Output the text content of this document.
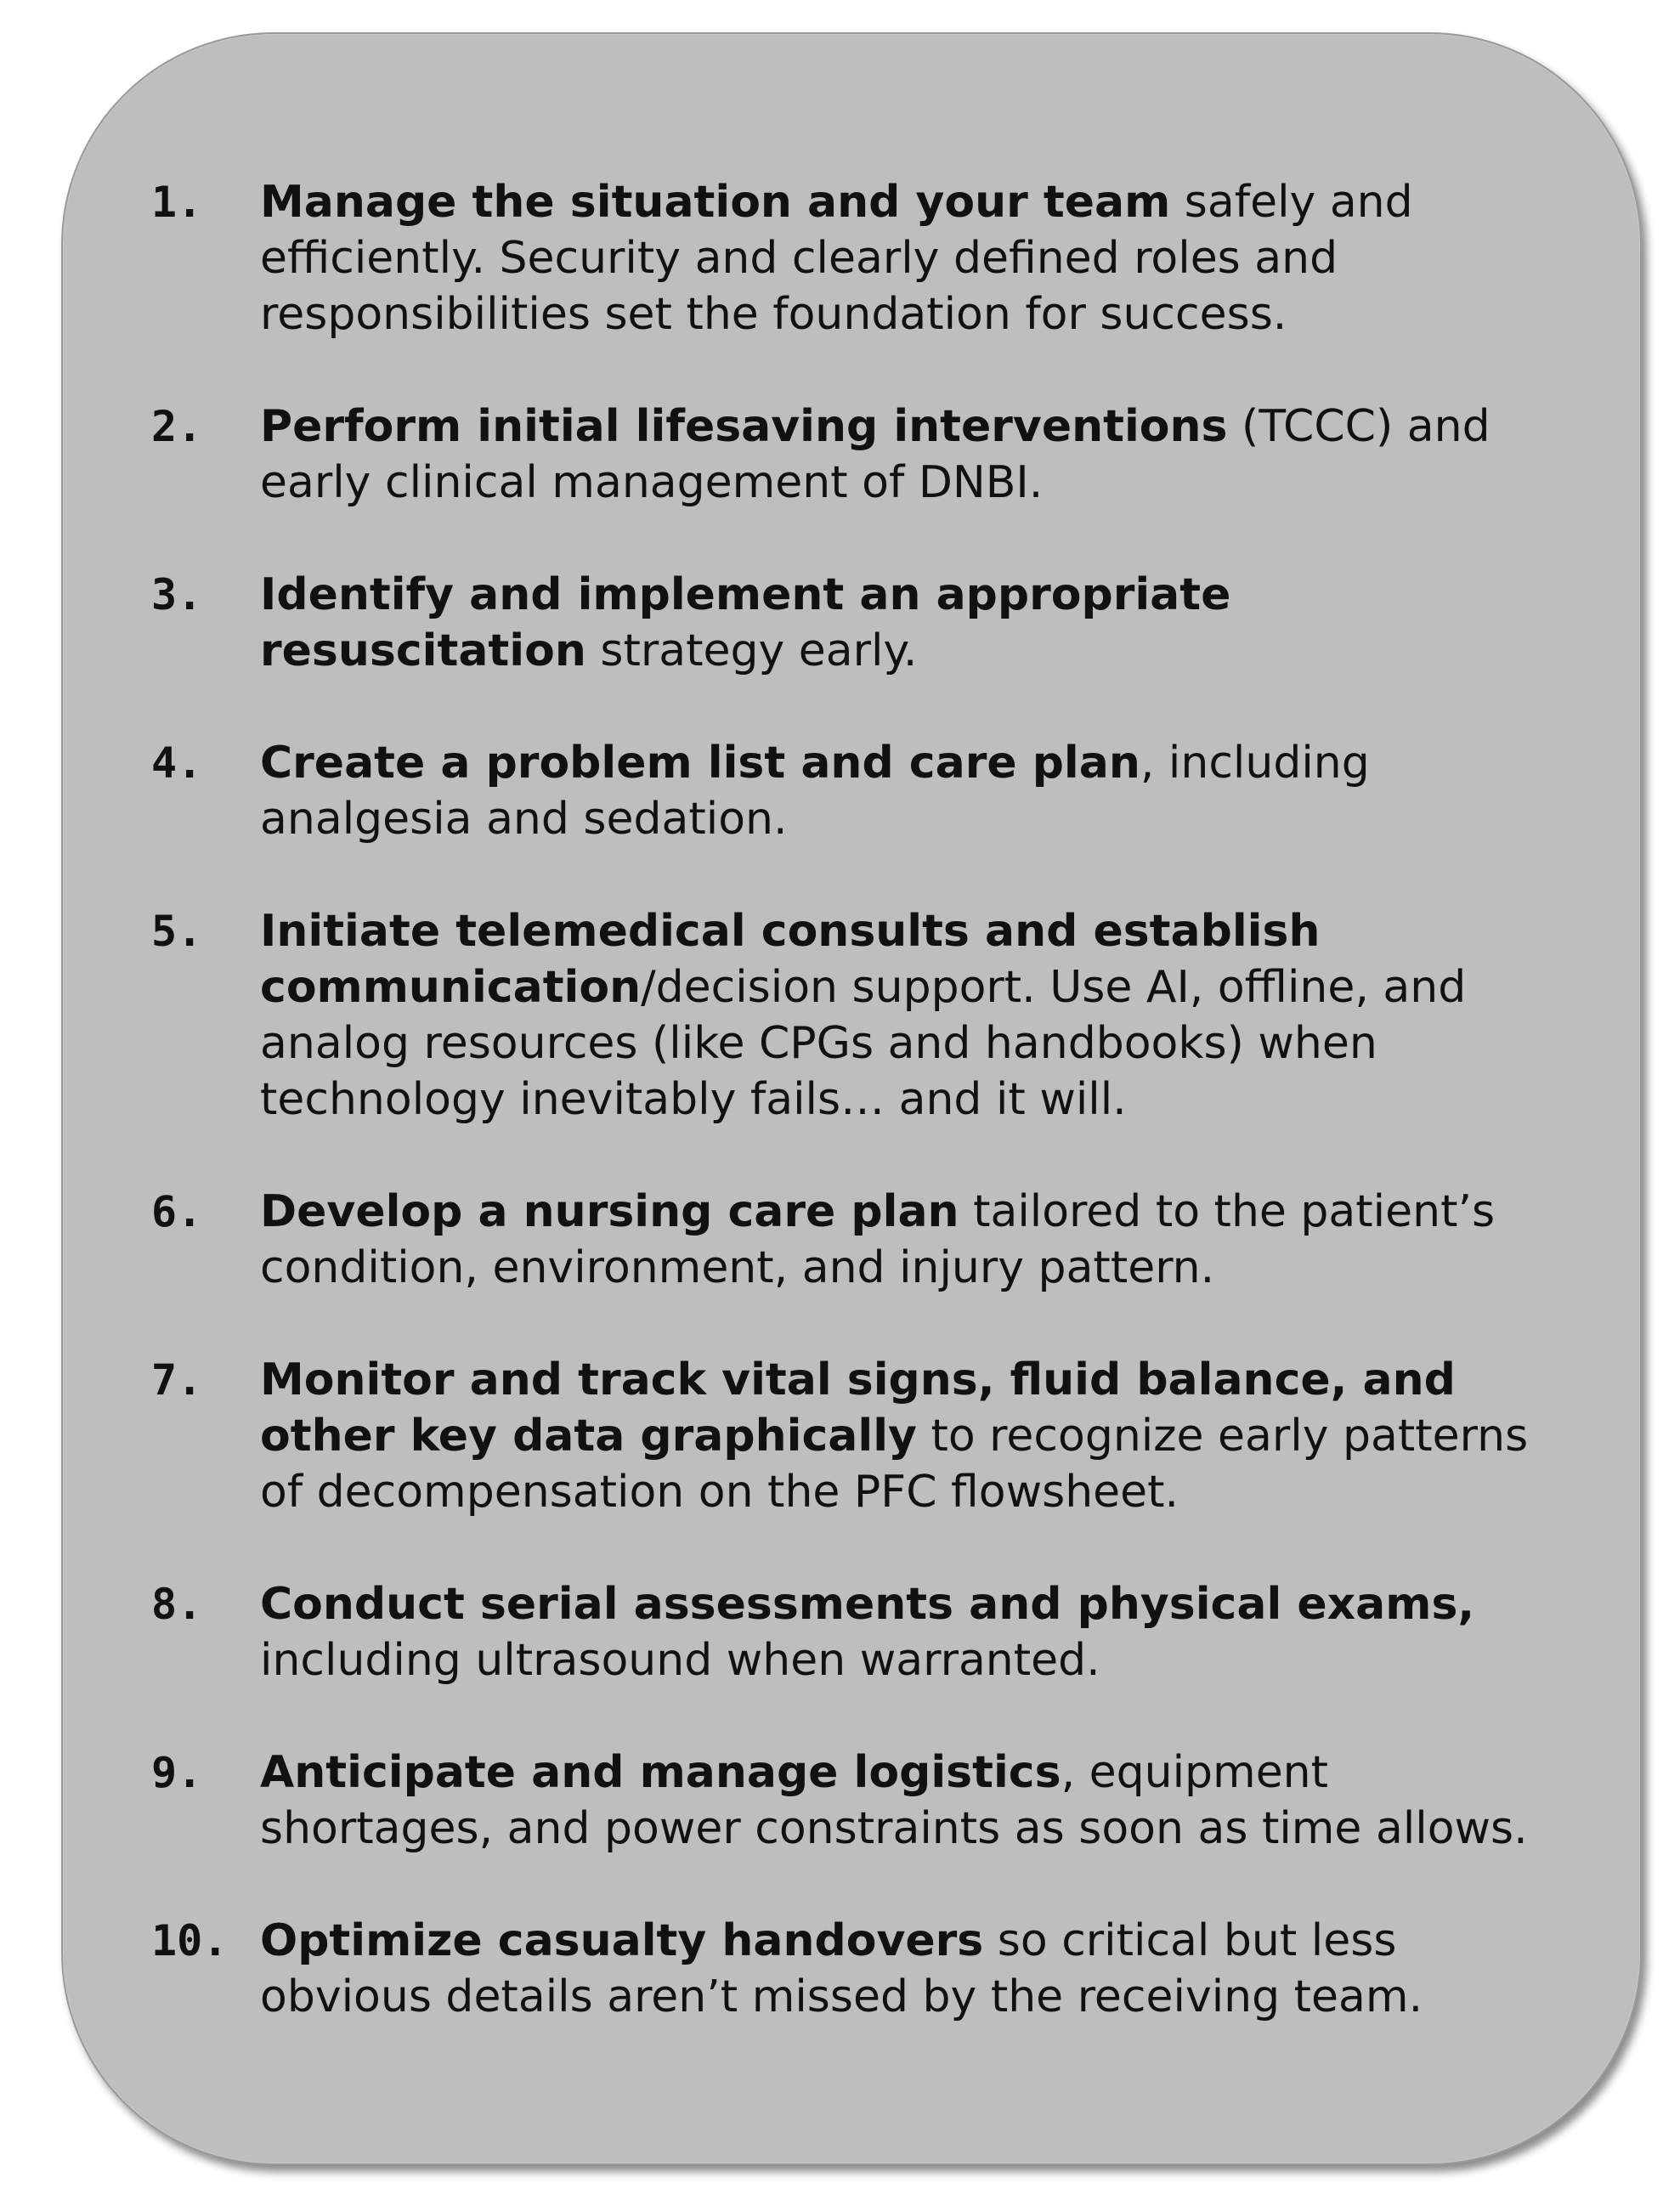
1. Manage the situation and your team safely and efficiently. Security and clearly defined roles and responsibilities set the foundation for success.
2. Perform initial lifesaving interventions (TCCC) and early clinical management of DNBI.
3. Identify and implement an appropriate resuscitation strategy early.
4. Create a problem list and care plan, including analgesia and sedation.
5. Initiate telemedical consults and establish communication/decision support. Use AI, offline, and analog resources (like CPGs and handbooks) when technology inevitably fails… and it will.
6. Develop a nursing care plan tailored to the patient’s condition, environment, and injury pattern.
7. Monitor and track vital signs, fluid balance, and other key data graphically to recognize early patterns of decompensation on the PFC flowsheet.
8. Conduct serial assessments and physical exams, including ultrasound when warranted.
9. Anticipate and manage logistics, equipment shortages, and power constraints as soon as time allows.
10. Optimize casualty handovers so critical but less obvious details aren’t missed by the receiving team.
